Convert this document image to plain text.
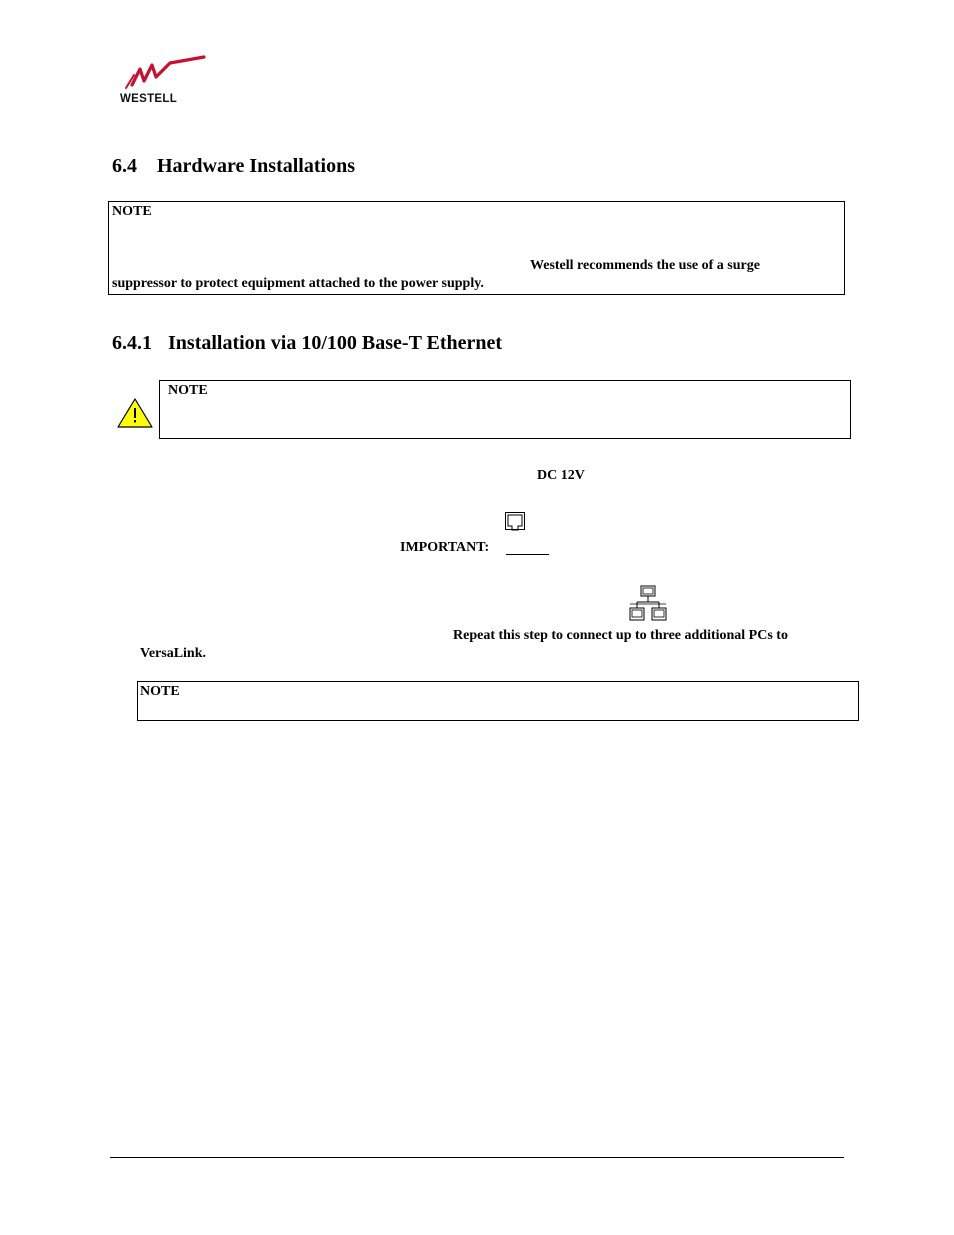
WESTELL
6.4 Hardware Installations
NOTE
Westell recommends the use of a surge
suppressor to protect equipment attached to the power supply.
6.4.1 Installation via 10/100 Base-T Ethernet
NOTE
DC 12V
IMPORTANT:
Repeat this step to connect up to three additional PCs to
VersaLink.
NOTE
